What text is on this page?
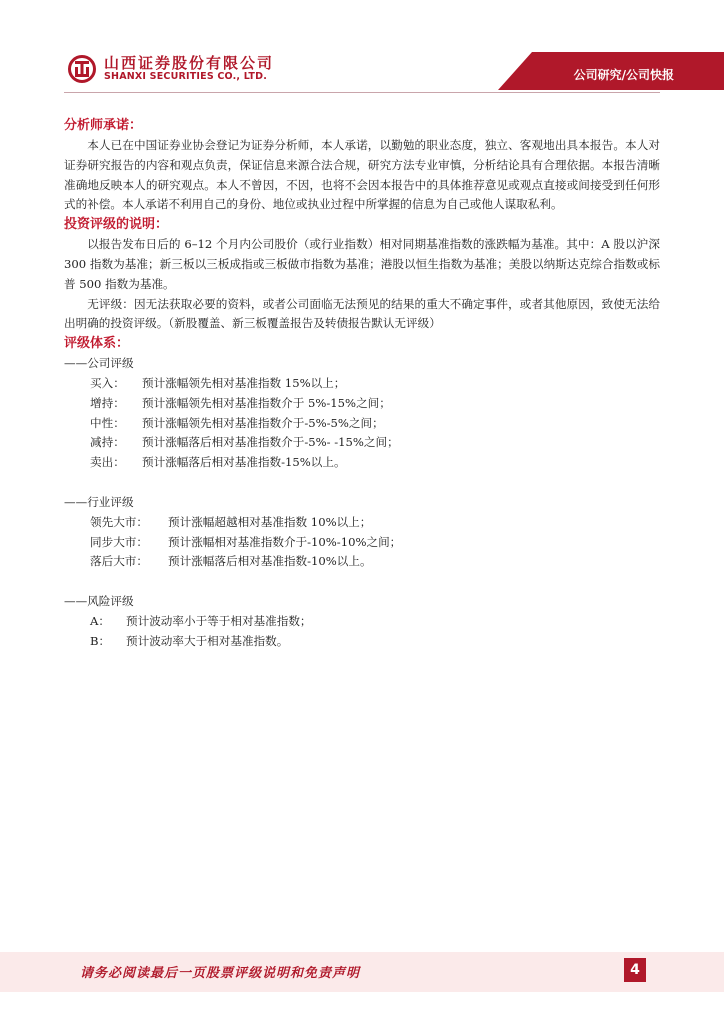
山西证券股份有限公司
SHANXI SECURITIES CO., LTD.	公司研究/公司快报
分析师承诺：

本人已在中国证券业协会登记为证券分析师，本人承诺，以勤勉的职业态度，独立、客观地出具本报告。本人对证券研究报告的内容和观点负责，保证信息来源合法合规，研究方法专业审慎，分析结论具有合理依据。本报告清晰准确地反映本人的研究观点。本人不曾因，不因，也将不会因本报告中的具体推荐意见或观点直接或间接受到任何形式的补偿。本人承诺不利用自己的身份、地位或执业过程中所掌握的信息为自己或他人谋取私利。

投资评级的说明：

以报告发布日后的 6–12 个月内公司股价（或行业指数）相对同期基准指数的涨跌幅为基准。其中：A 股以沪深 300 指数为基准；新三板以三板成指或三板做市指数为基准；港股以恒生指数为基准；美股以纳斯达克综合指数或标普 500 指数为基准。

无评级：因无法获取必要的资料，或者公司面临无法预见的结果的重大不确定事件，或者其他原因，致使无法给出明确的投资评级。（新股覆盖、新三板覆盖报告及转债报告默认无评级）

评级体系：
——公司评级
买入：	预计涨幅领先相对基准指数 15%以上；
增持：	预计涨幅领先相对基准指数介于 5%-15%之间；
中性：	预计涨幅领先相对基准指数介于-5%-5%之间；
减持：	预计涨幅落后相对基准指数介于-5%- -15%之间；
卖出：	预计涨幅落后相对基准指数-15%以上。
——行业评级
领先大市：	预计涨幅超越相对基准指数 10%以上；
同步大市：	预计涨幅相对基准指数介于-10%-10%之间；
落后大市：	预计涨幅落后相对基准指数-10%以上。
——风险评级
A：	预计波动率小于等于相对基准指数；
B：	预计波动率大于相对基准指数。
请务必阅读最后一页股票评级说明和免责声明	4
